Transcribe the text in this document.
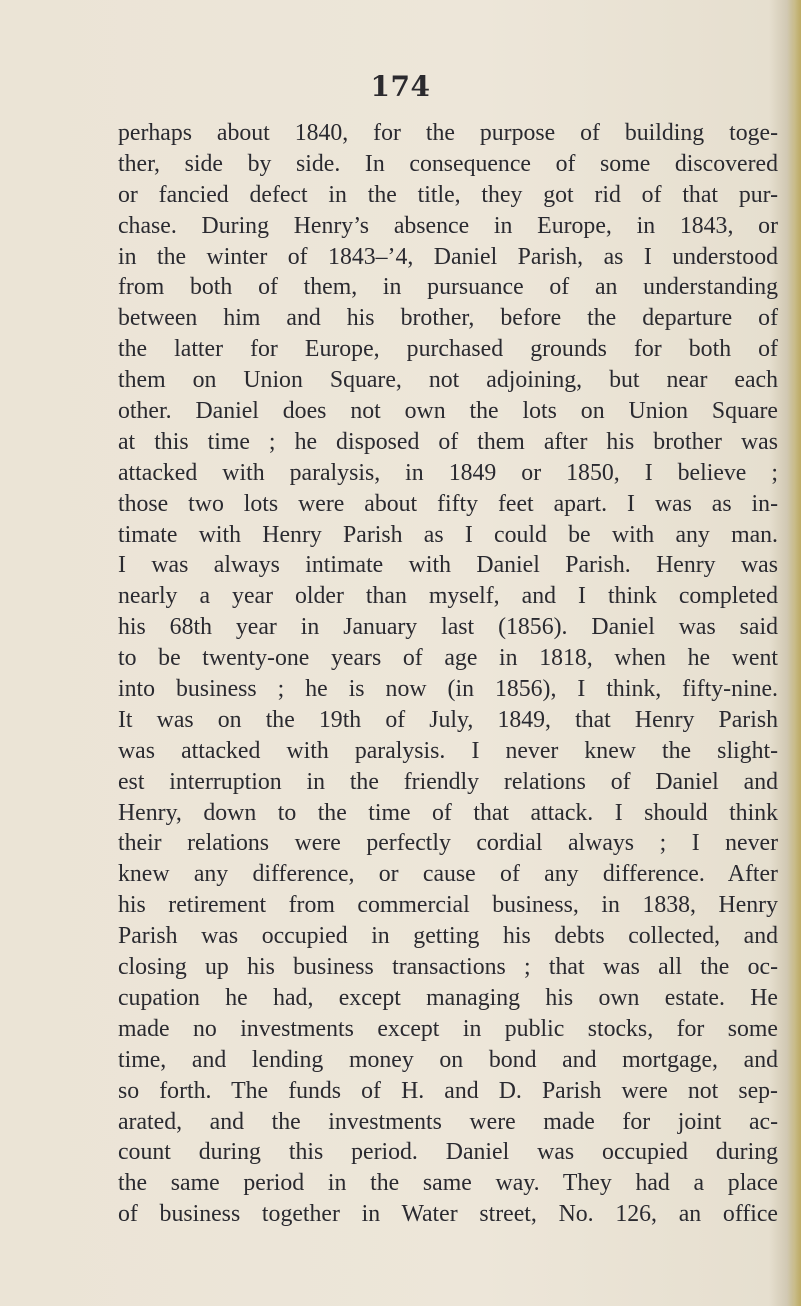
174
perhaps about 1840, for the purpose of building toge-
ther, side by side. In consequence of some discovered
or fancied defect in the title, they got rid of that pur-
chase. During Henry’s absence in Europe, in 1843, or
in the winter of 1843–’4, Daniel Parish, as I understood
from both of them, in pursuance of an understanding
between him and his brother, before the departure of
the latter for Europe, purchased grounds for both of
them on Union Square, not adjoining, but near each
other. Daniel does not own the lots on Union Square
at this time ; he disposed of them after his brother was
attacked with paralysis, in 1849 or 1850, I believe ;
those two lots were about fifty feet apart. I was as in-
timate with Henry Parish as I could be with any man.
I was always intimate with Daniel Parish. Henry was
nearly a year older than myself, and I think completed
his 68th year in January last (1856). Daniel was said
to be twenty-one years of age in 1818, when he went
into business ; he is now (in 1856), I think, fifty-nine.
It was on the 19th of July, 1849, that Henry Parish
was attacked with paralysis. I never knew the slight-
est interruption in the friendly relations of Daniel and
Henry, down to the time of that attack. I should think
their relations were perfectly cordial always ; I never
knew any difference, or cause of any difference. After
his retirement from commercial business, in 1838, Henry
Parish was occupied in getting his debts collected, and
closing up his business transactions ; that was all the oc-
cupation he had, except managing his own estate. He
made no investments except in public stocks, for some
time, and lending money on bond and mortgage, and
so forth. The funds of H. and D. Parish were not sep-
arated, and the investments were made for joint ac-
count during this period. Daniel was occupied during
the same period in the same way. They had a place
of business together in Water street, No. 126, an office
